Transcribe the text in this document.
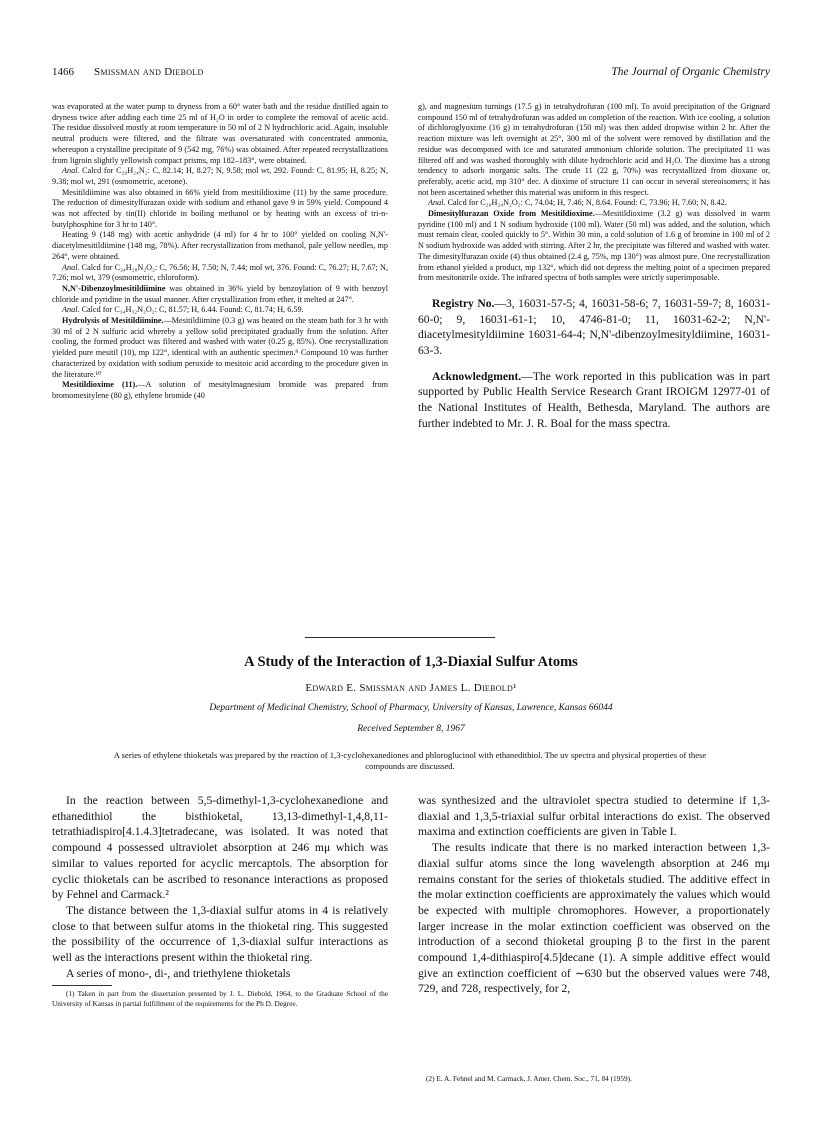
1466 Smissman and Diebold	The Journal of Organic Chemistry

was evaporated at the water pump to dryness from a 60° water bath and the residue distilled again to dryness twice after adding each time 25 ml of H₂O in order to complete the removal of acetic acid. The residue dissolved mostly at room temperature in 50 ml of 2 N hydrochloric acid. Again, insoluble neutral products were filtered, and the filtrate was oversaturated with concentrated ammonia, whereupon a crystalline precipitate of 9 (542 mg, 76%) was obtained. After repeated recrystallizations from ligroin slightly yellowish compact prisms, mp 182–183°, were obtained.

Anal. Calcd for C₂₀H₂₄N₂: C, 82.14; H, 8.27; N, 9.58; mol wt, 292. Found: C, 81.95; H, 8.25; N, 9.38; mol wt, 291 (osmometric, acetone).

Mesitildiimine was also obtained in 66% yield from mesitildioxime (11) by the same procedure. The reduction of dimesitylfurazan oxide with sodium and ethanol gave 9 in 59% yield. Compound 4 was not affected by tin(II) chloride in boiling methanol or by heating with an excess of tri-n-butylphosphine for 3 hr to 140°.

Heating 9 (148 mg) with acetic anhydride (4 ml) for 4 hr to 100° yielded on cooling N,N'-diacetylmesitildiimine (148 mg, 78%). After recrystallization from methanol, pale yellow needles, mp 264°, were obtained.

Anal. Calcd for C₂₄H₂₈N₂O₂: C, 76.56; H, 7.50; N, 7.44; mol wt, 376. Found: C, 76.27; H, 7.67; N, 7.26; mol wt, 379 (osmometric, chloroform).

N,N'-Dibenzoylmesitildiimine was obtained in 36% yield by benzoylation of 9 with benzoyl chloride and pyridine in the usual manner. After crystallization from ether, it melted at 247°.

Anal. Calcd for C₃₄H₃₂N₂O₂: C, 81.57; H, 6.44. Found: C, 81.74; H, 6.59.

Hydrolysis of Mesitildiimine.—Mesitildiimine (0.3 g) was heated on the steam bath for 3 hr with 30 ml of 2 N sulfuric acid whereby a yellow solid precipitated gradually from the solution. After cooling, the formed product was filtered and washed with water (0.25 g, 85%). One recrystallization yielded pure mesitil (10), mp 122°, identical with an authentic specimen.⁹ Compound 10 was further characterized by oxidation with sodium peroxide to mesitoic acid according to the procedure given in the literature.¹⁰

Mesitildioxime (11).—A solution of mesitylmagnesium bromide was prepared from bromomesitylene (80 g), ethylene bromide (40

g), and magnesium turnings (17.5 g) in tetrahydrofuran (100 ml). To avoid precipitation of the Grignard compound 150 ml of tetrahydrofuran was added on completion of the reaction. With ice cooling, a solution of dichloroglyoxime (16 g) in tetrahydrofuran (150 ml) was then added dropwise within 2 hr. After the reaction mixture was left overnight at 25°, 300 ml of the solvent were removed by distillation and the residue was decomposed with ice and saturated ammonium chloride solution. The precipitated 11 was filtered off and was washed thoroughly with dilute hydrochloric acid and H₂O. The dioxime has a strong tendency to adsorb inorganic salts. The crude 11 (22 g, 70%) was recrystallized from dioxane or, preferably, acetic acid, mp 310° dec. A dioxime of structure 11 can occur in several stereoisomers; it has not been ascertained whether this material was uniform in this respect.

Anal. Calcd for C₂₀H₂₄N₂O₂: C, 74.04; H, 7.46; N, 8.64. Found: C, 73.96; H, 7.60; N, 8.42.

Dimesitylfurazan Oxide from Mesitildioxime.—Mesitildioxime (3.2 g) was dissolved in warm pyridine (100 ml) and 1 N sodium hydroxide (100 ml). Water (50 ml) was added, and the solution, which must remain clear, cooled quickly to 5°. Within 30 min, a cold solution of 1.6 g of bromine in 100 ml of 2 N sodium hydroxide was added with stirring. After 2 hr, the precipitate was filtered and washed with water. The dimesitylfurazan oxide (4) thus obtained (2.4 g, 75%, mp 130°) was almost pure. One recrystallization from ethanol yielded a product, mp 132°, which did not depress the melting point of a specimen prepared from mesitonitrile oxide. The infrared spectra of both samples were strictly superimposable.

Registry No.—3, 16031-57-5; 4, 16031-58-6; 7, 16031-59-7; 8, 16031-60-0; 9, 16031-61-1; 10, 4746-81-0; 11, 16031-62-2; N,N'-diacetylmesityldiimine 16031-64-4; N,N'-dibenzoylmesityldiimine, 16031-63-3.

Acknowledgment.—The work reported in this publication was in part supported by Public Health Service Research Grant IROIGM 12977-01 of the National Institutes of Health, Bethesda, Maryland. The authors are further indebted to Mr. J. R. Boal for the mass spectra.

A Study of the Interaction of 1,3-Diaxial Sulfur Atoms
Edward E. Smissman and James L. Diebold¹
Department of Medicinal Chemistry, School of Pharmacy, University of Kansas, Lawrence, Kansas 66044
Received September 8, 1967
A series of ethylene thioketals was prepared by the reaction of 1,3-cyclohexanediones and phloroglucinol with ethanedithiol. The uv spectra and physical properties of these compounds are discussed.

In the reaction between 5,5-dimethyl-1,3-cyclohexanedione and ethanedithiol the bisthioketal, 13,13-dimethyl-1,4,8,11-tetrathiadispiro[4.1.4.3]tetradecane, was isolated. It was noted that compound 4 possessed ultraviolet absorption at 246 mμ which was similar to values reported for acyclic mercaptols. The absorption for cyclic thioketals can be ascribed to resonance interactions as proposed by Fehnel and Carmack.²

The distance between the 1,3-diaxial sulfur atoms in 4 is relatively close to that between sulfur atoms in the thioketal ring. This suggested the possibility of the occurrence of 1,3-diaxial sulfur interactions as well as the interactions present within the thioketal ring.

A series of mono-, di-, and triethylene thioketals

(1) Taken in part from the dissertation presented by J. L. Diebold, 1964, to the Graduate School of the University of Kansas in partial fulfillment of the requirements for the Ph D. Degree.

was synthesized and the ultraviolet spectra studied to determine if 1,3-diaxial and 1,3,5-triaxial sulfur orbital interactions do exist. The observed maxima and extinction coefficients are given in Table I.

The results indicate that there is no marked interaction between 1,3-diaxial sulfur atoms since the long wavelength absorption at 246 mμ remains constant for the series of thioketals studied. The additive effect in the molar extinction coefficients are approximately the values which would be expected with multiple chromophores. However, a proportionately larger increase in the molar extinction coefficient was observed on the introduction of a second thioketal grouping β to the first in the parent compound 1,4-dithiaspiro[4.5]decane (1). A simple additive effect would give an extinction coefficient of ∼630 but the observed values were 748, 729, and 728, respectively, for 2,

(2) E. A. Fehnel and M. Carmack, J. Amer. Chem. Soc., 71, 84 (1959).
